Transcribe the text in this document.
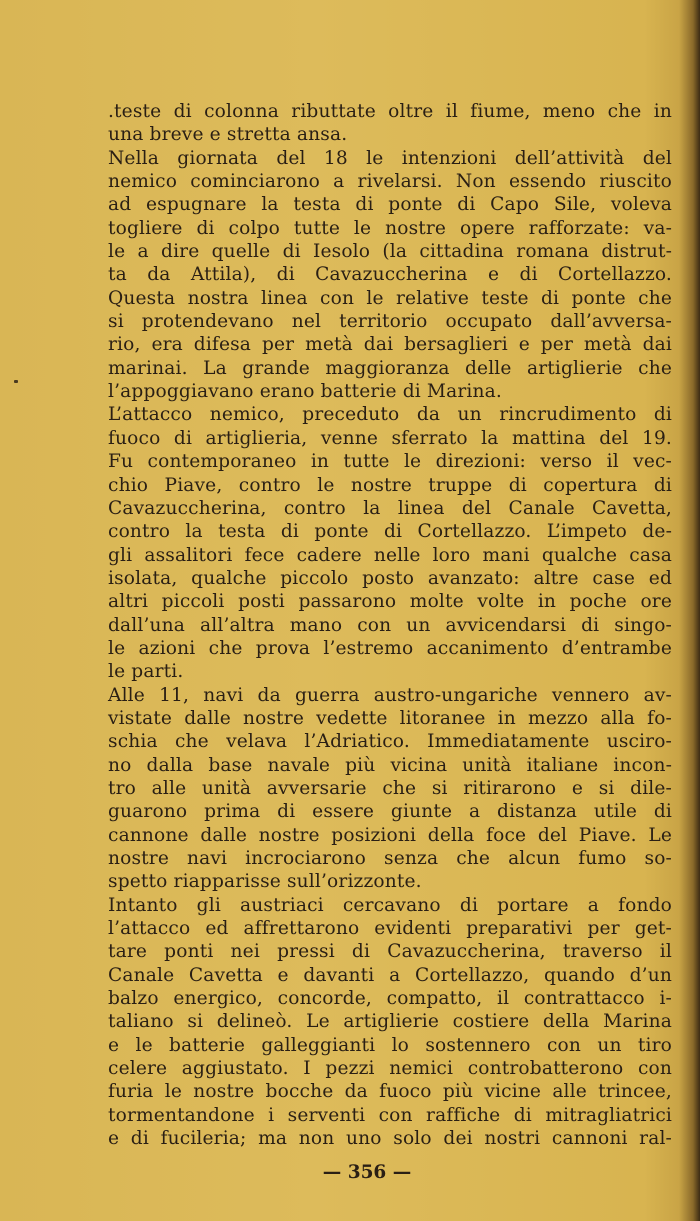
.teste di colonna ributtate oltre il fiume, meno che in
una breve e stretta ansa.
Nella giornata del 18 le intenzioni dell’attività del
nemico cominciarono a rivelarsi. Non essendo riuscito
ad espugnare la testa di ponte di Capo Sile, voleva
togliere di colpo tutte le nostre opere rafforzate: va-
le a dire quelle di Iesolo (la cittadina romana distrut-
ta da Attila), di Cavazuccherina e di Cortellazzo.
Questa nostra linea con le relative teste di ponte che
si protendevano nel territorio occupato dall’avversa-
rio, era difesa per metà dai bersaglieri e per metà dai
marinai. La grande maggioranza delle artiglierie che
l’appoggiavano erano batterie di Marina.
L’attacco nemico, preceduto da un rincrudimento di
fuoco di artiglieria, venne sferrato la mattina del 19.
Fu contemporaneo in tutte le direzioni: verso il vec-
chio Piave, contro le nostre truppe di copertura di
Cavazuccherina, contro la linea del Canale Cavetta,
contro la testa di ponte di Cortellazzo. L’impeto de-
gli assalitori fece cadere nelle loro mani qualche casa
isolata, qualche piccolo posto avanzato: altre case ed
altri piccoli posti passarono molte volte in poche ore
dall’una all’altra mano con un avvicendarsi di singo-
le azioni che prova l’estremo accanimento d’entrambe
le parti.
Alle 11, navi da guerra austro-ungariche vennero av-
vistate dalle nostre vedette litoranee in mezzo alla fo-
schia che velava l’Adriatico. Immediatamente usciro-
no dalla base navale più vicina unità italiane incon-
tro alle unità avversarie che si ritirarono e si dile-
guarono prima di essere giunte a distanza utile di
cannone dalle nostre posizioni della foce del Piave. Le
nostre navi incrociarono senza che alcun fumo so-
spetto riapparisse sull’orizzonte.
Intanto gli austriaci cercavano di portare a fondo
l’attacco ed affrettarono evidenti preparativi per get-
tare ponti nei pressi di Cavazuccherina, traverso il
Canale Cavetta e davanti a Cortellazzo, quando d’un
balzo energico, concorde, compatto, il contrattacco i-
taliano si delineò. Le artiglierie costiere della Marina
e le batterie galleggianti lo sostennero con un tiro
celere aggiustato. I pezzi nemici controbatterono con
furia le nostre bocche da fuoco più vicine alle trincee,
tormentandone i serventi con raffiche di mitragliatrici
e di fucileria; ma non uno solo dei nostri cannoni ral-
— 356 —
